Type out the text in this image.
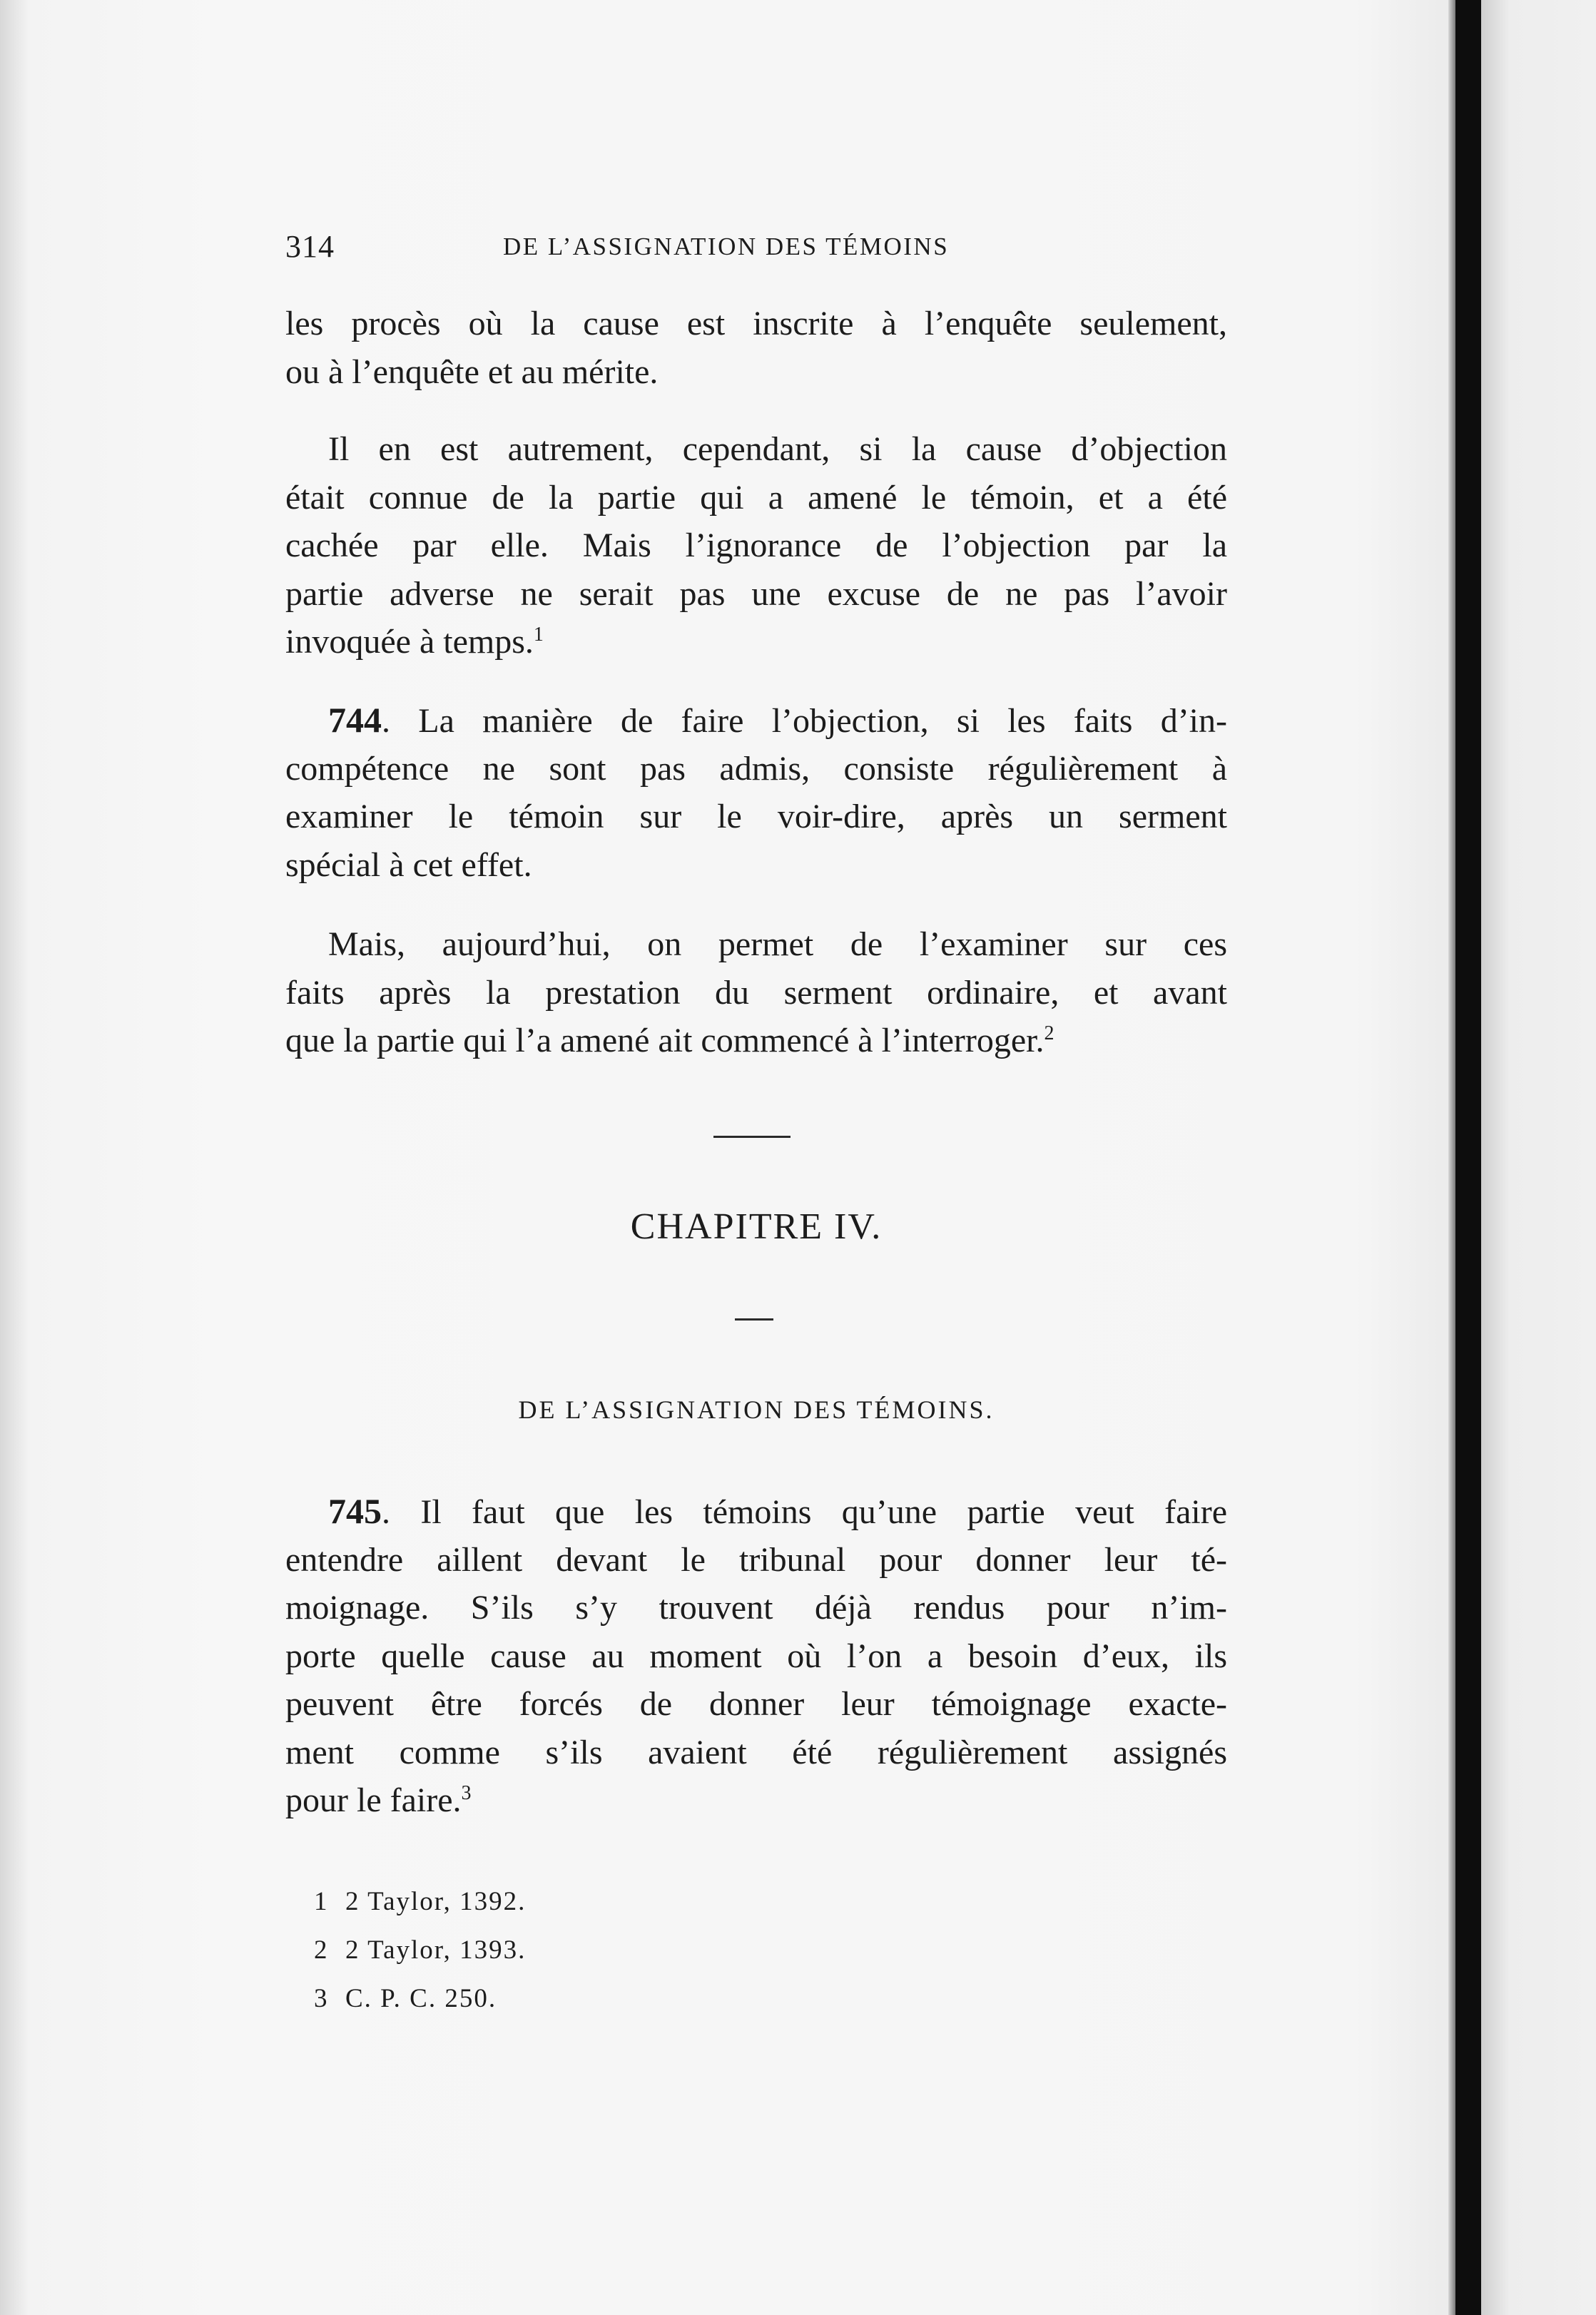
314	DE L’ASSIGNATION DES TÉMOINS
les procès où la cause est inscrite à l’enquête seulement,
ou à l’enquête et au mérite.
Il en est autrement, cependant, si la cause d’objection
était connue de la partie qui a amené le témoin, et a été
cachée par elle. Mais l’ignorance de l’objection par la
partie adverse ne serait pas une excuse de ne pas l’avoir
invoquée à temps.$^1$
744. La manière de faire l’objection, si les faits d’in-
compétence ne sont pas admis, consiste régulièrement à
examiner le témoin sur le voir-dire, après un serment
spécial à cet effet.
Mais, aujourd’hui, on permet de l’examiner sur ces
faits après la prestation du serment ordinaire, et avant
que la partie qui l’a amené ait commencé à l’interroger.$^2$
CHAPITRE IV.
DE L’ASSIGNATION DES TÉMOINS.
745. Il faut que les témoins qu’une partie veut faire
entendre aillent devant le tribunal pour donner leur té-
moignage. S’ils s’y trouvent déjà rendus pour n’im-
porte quelle cause au moment où l’on a besoin d’eux, ils
peuvent être forcés de donner leur témoignage exacte-
ment comme s’ils avaient été régulièrement assignés
pour le faire.$^3$
1 2 Taylor, 1392.
2 2 Taylor, 1393.
3 C. P. C. 250.
